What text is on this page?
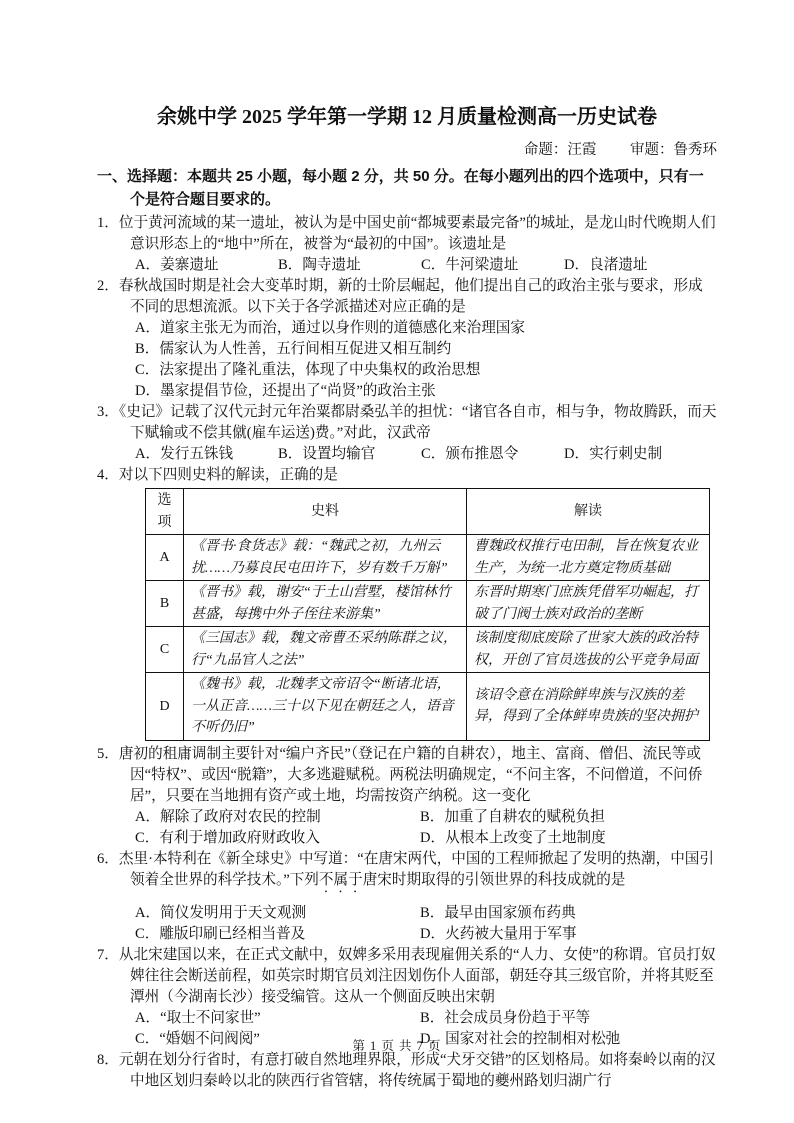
余姚中学 2025 学年第一学期 12 月质量检测高一历史试卷
命题：汪霞 审题：鲁秀环
一、选择题：本题共 25 小题，每小题 2 分，共 50 分。在每小题列出的四个选项中，只有一个是符合题目要求的。
1．位于黄河流域的某一遗址，被认为是中国史前“都城要素最完备”的城址，是龙山时代晚期人们意识形态上的“地中”所在，被誉为“最初的中国”。该遗址是
A．姜寨遗址	B．陶寺遗址	C．牛河梁遗址	D．良渚遗址
2．春秋战国时期是社会大变革时期，新的士阶层崛起，他们提出自己的政治主张与要求，形成不同的思想流派。以下关于各学派描述对应正确的是
A．道家主张无为而治，通过以身作则的道德感化来治理国家
B．儒家认为人性善，五行间相互促进又相互制约
C．法家提出了隆礼重法，体现了中央集权的政治思想
D．墨家提倡节俭，还提出了“尚贤”的政治主张
3．《史记》记载了汉代元封元年治粟都尉桑弘羊的担忧：“诸官各自市，相与争，物故腾跃，而天下赋输或不偿其僦(雇车运送)费。”对此，汉武帝
A．发行五铢钱	B．设置均输官	C．颁布推恩令	D．实行刺史制
4．对以下四则史料的解读，正确的是
选项	史料	解读
A	《晋书·食货志》载：“魏武之初，九州云扰……乃募良民屯田许下，岁有数千万斛”	曹魏政权推行屯田制，旨在恢复农业生产，为统一北方奠定物质基础
B	《晋书》载，谢安“于土山营墅，楼馆林竹甚盛，每携中外子侄往来游集”	东晋时期寒门庶族凭借军功崛起，打破了门阀士族对政治的垄断
C	《三国志》载，魏文帝曹丕采纳陈群之议，行“九品官人之法”	该制度彻底废除了世家大族的政治特权，开创了官员选拔的公平竞争局面
D	《魏书》载，北魏孝文帝诏令“断诸北语，一从正音……三十以下见在朝廷之人，语音不听仍旧”	该诏令意在消除鲜卑族与汉族的差异，得到了全体鲜卑贵族的坚决拥护
5．唐初的租庸调制主要针对“编户齐民”（登记在户籍的自耕农），地主、富商、僧侣、流民等或因“特权”、或因“脱籍”，大多逃避赋税。两税法明确规定，“不问主客，不问僧道，不问侨居”，只要在当地拥有资产或土地，均需按资产纳税。这一变化
A．解除了政府对农民的控制	B．加重了自耕农的赋税负担
C．有利于增加政府财政收入	D．从根本上改变了土地制度
6．杰里·本特利在《新全球史》中写道：“在唐宋两代，中国的工程师掀起了发明的热潮，中国引领着全世界的科学技术。”下列不属于唐宋时期取得的引领世界的科技成就的是
A．简仪发明用于天文观测	B．最早由国家颁布药典
C．雕版印刷已经相当普及	D．火药被大量用于军事
7．从北宋建国以来，在正式文献中，奴婢多采用表现雇佣关系的“人力、女使”的称谓。官员打奴婢往往会断送前程，如英宗时期官员刘注因划伤仆人面部，朝廷夺其三级官阶，并将其贬至潭州（今湖南长沙）接受编管。这从一个侧面反映出宋朝
A．“取士不问家世”	B．社会成员身份趋于平等
C．“婚姻不问阀阅”	D．国家对社会的控制相对松弛
8．元朝在划分行省时，有意打破自然地理界限，形成“犬牙交错”的区划格局。如将秦岭以南的汉中地区划归秦岭以北的陕西行省管辖，将传统属于蜀地的夔州路划归湖广行
第 1 页 共 7 页
